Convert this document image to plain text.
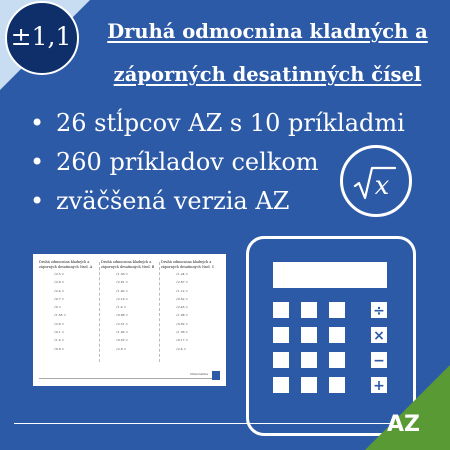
±1,1	Druhá odmocnina kladných a
záporných desatinných čísel
• 26 stĺpcov AZ s 10 príkladmi
• 260 príkladov celkom
• zväčšená verzia AZ	x
Druhá odmocnina kladných a záporných desatinných čísel. A
√2.5 =
√2.8 =
√2.4 =
√0.7 =
√0 =
√1.65 =
√2.8 =
√0.1 =
√1.4 =
√0.8 =
Druhá odmocnina kladných a záporných desatinných čísel. B
√1.36 =
√2.81 =
√1.92 =
√2.19 =
√1.4 =
√0.88 =
√2.51 =
√1.92 =
√0.52 =
√2.8 =
Druhá odmocnina kladných a záporných desatinných čísel. C
√1.24 =
√2.67 =
√1.12 =
√0.52 =
√2.45 =
√1.98 =
√0.62 =
√1.36 =
√0.17 =
√2.4 =
Matematika
÷
×
−
+
AZ
